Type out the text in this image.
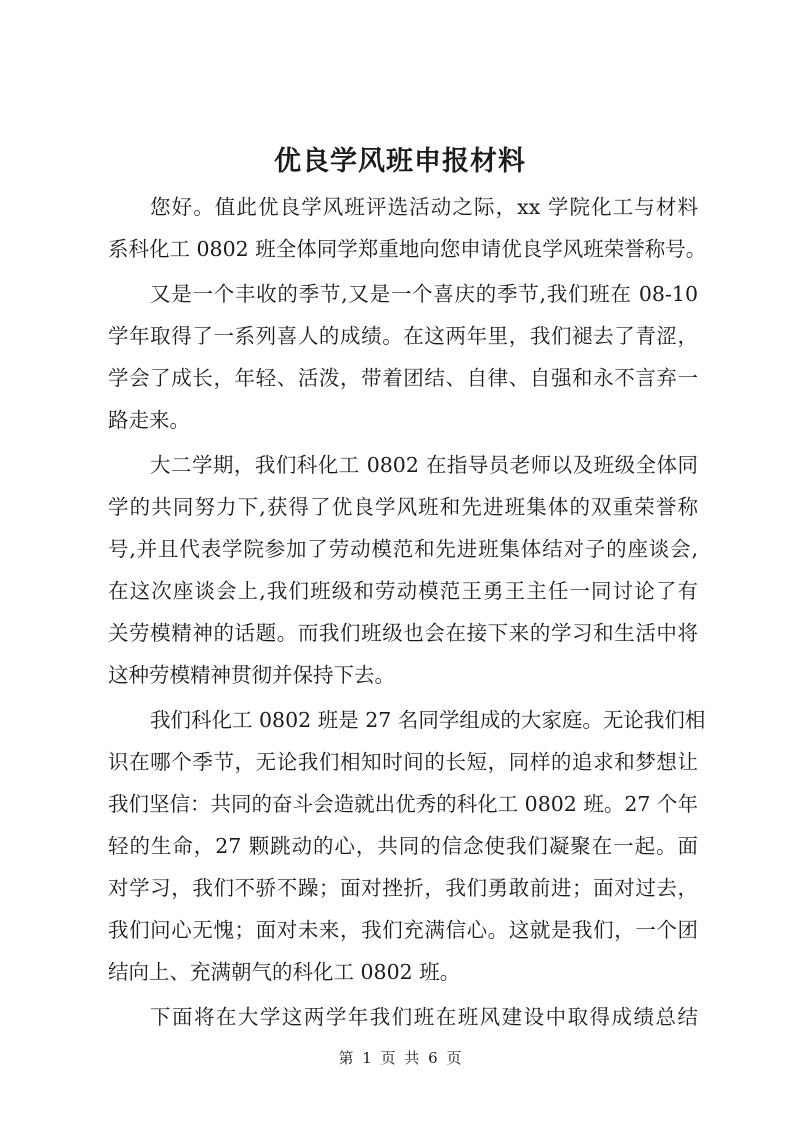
优良学风班申报材料
您好。值此优良学风班评选活动之际，xx 学院化工与材料
系科化工 0802 班全体同学郑重地向您申请优良学风班荣誉称号。
又是一个丰收的季节,又是一个喜庆的季节,我们班在 08-10
学年取得了一系列喜人的成绩。在这两年里，我们褪去了青涩，
学会了成长，年轻、活泼，带着团结、自律、自强和永不言弃一
路走来。
大二学期，我们科化工 0802 在指导员老师以及班级全体同
学的共同努力下,获得了优良学风班和先进班集体的双重荣誉称
号,并且代表学院参加了劳动模范和先进班集体结对子的座谈会,
在这次座谈会上,我们班级和劳动模范王勇王主任一同讨论了有
关劳模精神的话题。而我们班级也会在接下来的学习和生活中将
这种劳模精神贯彻并保持下去。
我们科化工 0802 班是 27 名同学组成的大家庭。无论我们相
识在哪个季节，无论我们相知时间的长短，同样的追求和梦想让
我们坚信：共同的奋斗会造就出优秀的科化工 0802 班。27 个年
轻的生命，27 颗跳动的心，共同的信念使我们凝聚在一起。面
对学习，我们不骄不躁；面对挫折，我们勇敢前进；面对过去，
我们问心无愧；面对未来，我们充满信心。这就是我们，一个团
结向上、充满朝气的科化工 0802 班。
下面将在大学这两学年我们班在班风建设中取得成绩总结
第 1 页 共 6 页
